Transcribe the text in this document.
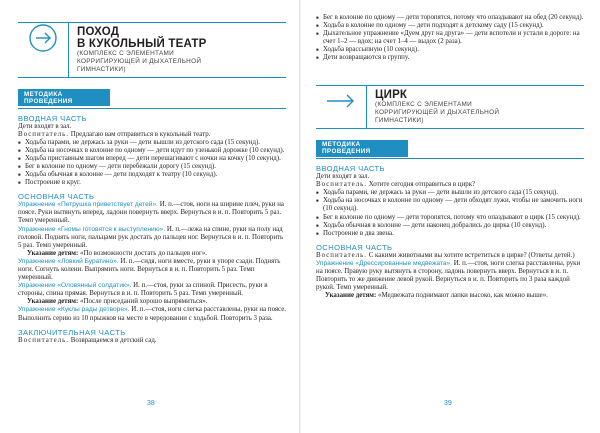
ПОХОД
В КУКОЛЬНЫЙ ТЕАТР
(КОМПЛЕКС С ЭЛЕМЕНТАМИ
КОРРИГИРУЮЩЕЙ И ДЫХАТЕЛЬНОЙ
ГИМНАСТИКИ)
МЕТОДИКА ПРОВЕДЕНИЯ
ВВОДНАЯ ЧАСТЬ

Дети входят в зал.

Воспитатель. Предлагаю вам отправиться в кукольный театр.

■ Ходьба парами, не держась за руки — дети вышли из детского сада (15 секунд).
■ Ходьба на носочках в колонне по одному — дети идут по узенькой дорожке (10 секунд).
■ Ходьба приставным шагом вперед — дети перешагивают с ночки на кочку (10 секунд).
■ Бег в колонне по одному — дети перебежали дорогу (15 секунд).
■ Ходьба обычная в колонне — дети подходят к театру (10 секунд).
■ Построение в круг.
ОСНОВНАЯ ЧАСТЬ

Упражнение «Петрушка приветствует детей». И. п.—стоя, ноги на ширине плеч, руки на поясе. Руки вытянуть вперед, ладони повернуть вверх. Вернуться в и. п. Повторить 5 раз. Темп умеренный.

Упражнение «Гномы готовятся к выступлению». И. п.—лежа на спине, руки на полу над головой. Поднять ноги, пальцами рук достать до пальцев ног. Вернуться в и. п. Повторить 5 раз. Темп умеренный.

Указание детям: «По возможности достать до пальцев ног».

Упражнение «Ловкий Буратино». И. п.—сидя, ноги вместе, руки в упоре сзади. Поднять ноги. Согнуть колени. Выпрямить ноги. Вернуться в и. п. Повторить 5 раз. Темп умеренный.

Упражнение «Оловянный солдатик». И. п.—стоя, руки за спиной. Присесть, руки в стороны, спина прямая. Вернуться в и. п. Повторить 5 раз. Темп умеренный.

Указание детям: «После приседаний хорошо выпрямиться».

Упражнение «Куклы рады детворе». И. п.—стоя, ноги слегка расставлены, руки на поясе. Выполнить серию из 10 прыжков на месте в чередовании с ходьбой. Повторить 3 раза.

ЗАКЛЮЧИТЕЛЬНАЯ ЧАСТЬ

Воспитатель. Возвращаемся в детский сад.

38
■ Бег в колонне по одному — дети торопятся, потому что опаздывают на обед (20 секунд).
■ Ходьба в колонне по одному — дети подходят к детскому саду (15 секунд).
■ Дыхательное упражнение «Дуем друг на друга» — дети вспотели и устали в дороге: на счет 1–2 — вдох; на счет 1–4 — выдох (2 раза).
■ Ходьба врассыпную (10 секунд).
■ Дети возвращаются в группу.
ЦИРК
(КОМПЛЕКС С ЭЛЕМЕНТАМИ
КОРРИГИРУЮЩЕЙ И ДЫХАТЕЛЬНОЙ
ГИМНАСТИКИ)
МЕТОДИКА ПРОВЕДЕНИЯ
ВВОДНАЯ ЧАСТЬ

Дети входят в зал.

Воспитатель. Хотите сегодня отправиться в цирк?

■ Ходьба парами, не держась за руки — дети вышли из детского сада (15 секунд).
■ Ходьба на носочках в колонне по одному — дети обходят лужи, чтобы не замочить ноги (10 секунд).
■ Бег в колонне по одному — дети торопятся, потому что опаздывают в цирк (15 секунд).
■ Ходьба обычная в колонне — дети наконец добрались до цирка (10 секунд).
■ Построение в два звена.
ОСНОВНАЯ ЧАСТЬ

Воспитатель. С какими животными вы хотите встретиться в цирке? (Ответы детей.)

Упражнение «Дрессированные медвежата». И. п.—стоя, ноги слегка расставлены, руки на поясе. Правую руку вытянуть в сторону, ладонь повернуть вверх. Вернуться в и. п. Повторить то же движение левой рукой. Вернуться в и. п. Повторить по 3 раза каждой рукой. Темп умеренный.

Указание детям: «Медвежата поднимают лапки высоко, как можно выше».

39
